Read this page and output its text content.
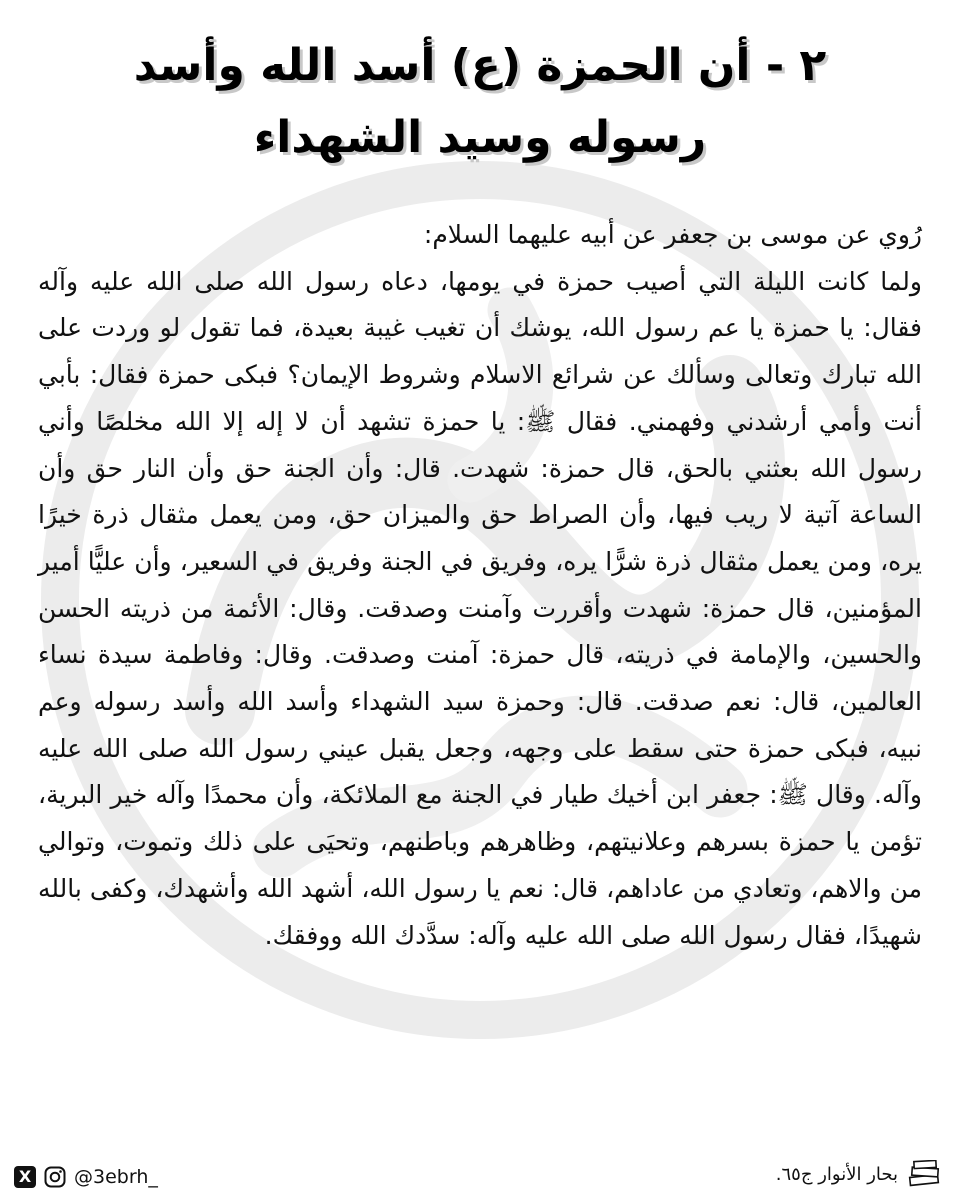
٢ - أن الحمزة (ع) أسد الله وأسد
رسوله وسيد الشهداء

رُوي عن موسى بن جعفر عن أبيه عليهما السلام:

ولما كانت الليلة التي أصيب حمزة في يومها، دعاه رسول الله صلى الله عليه وآله فقال: يا حمزة يا عم رسول الله، يوشك أن تغيب غيبة بعيدة، فما تقول لو وردت على الله تبارك وتعالى وسألك عن شرائع الاسلام وشروط الإيمان؟ فبكى حمزة فقال: بأبي أنت وأمي أرشدني وفهمني. فقال ﷺ: يا حمزة تشهد أن لا إله إلا الله مخلصًا وأني رسول الله بعثني بالحق، قال حمزة: شهدت. قال: وأن الجنة حق وأن النار حق وأن الساعة آتية لا ريب فيها، وأن الصراط حق والميزان حق، ومن يعمل مثقال ذرة خيرًا يره، ومن يعمل مثقال ذرة شرًّا يره، وفريق في الجنة وفريق في السعير، وأن عليًّا أمير المؤمنين، قال حمزة: شهدت وأقررت وآمنت وصدقت. وقال: الأئمة من ذريته الحسن والحسين، والإمامة في ذريته، قال حمزة: آمنت وصدقت. وقال: وفاطمة سيدة نساء العالمين، قال: نعم صدقت. قال: وحمزة سيد الشهداء وأسد الله وأسد رسوله وعم نبيه، فبكى حمزة حتى سقط على وجهه، وجعل يقبل عيني رسول الله صلى الله عليه وآله. وقال ﷺ: جعفر ابن أخيك طيار في الجنة مع الملائكة، وأن محمدًا وآله خير البرية، تؤمن يا حمزة بسرهم وعلانيتهم، وظاهرهم وباطنهم، وتحيَى على ذلك وتموت، وتوالي من والاهم، وتعادي من عاداهم، قال: نعم يا رسول الله، أشهد الله وأشهدك، وكفى بالله شهيدًا، فقال رسول الله صلى الله عليه وآله: سدَّدك الله ووفقك.

بحار الأنوار ج٦٥.
X @3ebrh_
